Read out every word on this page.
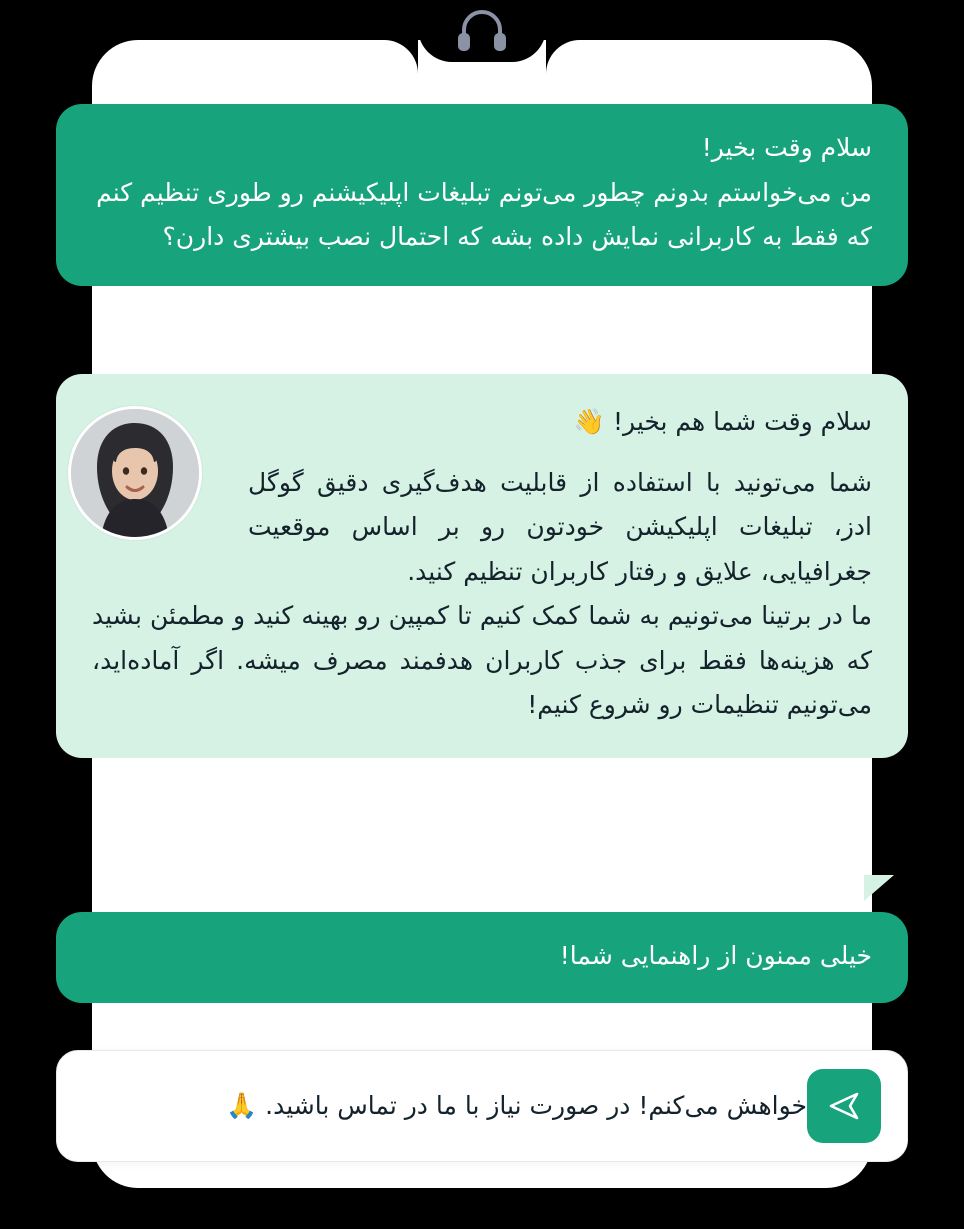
سلام وقت بخیر!

من می‌خواستم بدونم چطور می‌تونم تبلیغات اپلیکیشنم رو طوری تنظیم کنم که فقط به کاربرانی نمایش داده بشه که احتمال نصب بیشتری دارن؟

سلام وقت شما هم بخیر! 👋
شما می‌تونید با استفاده از قابلیت هدف‌گیری دقیق گوگل ادز، تبلیغات اپلیکیشن خودتون رو بر اساس موقعیت جغرافیایی، علایق و رفتار کاربران تنظیم کنید.
ما در برتینا می‌تونیم به شما کمک کنیم تا کمپین رو بهینه کنید و مطمئن بشید که هزینه‌ها فقط برای جذب کاربران هدفمند مصرف میشه. اگر آماده‌اید، می‌تونیم تنظیمات رو شروع کنیم!

خیلی ممنون از راهنمایی شما!

خواهش می‌کنم! در صورت نیاز با ما در تماس باشید. 🙏
